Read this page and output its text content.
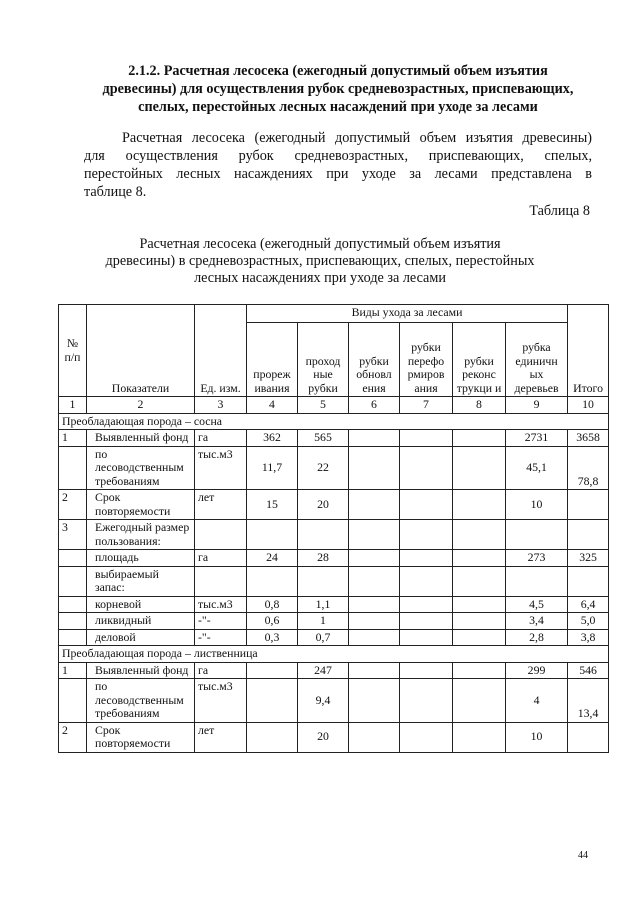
2.1.2. Расчетная лесосека (ежегодный допустимый объем изъятия
древесины) для осуществления рубок средневозрастных, приспевающих,
спелых, перестойных лесных насаждений при уходе за лесами
Расчетная лесосека (ежегодный допустимый объем изъятия древесины)
для осуществления рубок средневозрастных, приспевающих, спелых,
перестойных лесных насаждениях при уходе за лесами представлена в
таблице 8.
Таблица 8
Расчетная лесосека (ежегодный допустимый объем изъятия
древесины) в средневозрастных, приспевающих, спелых, перестойных
лесных насаждениях при уходе за лесами
№ п/п	Показатели	Ед. изм.	Виды ухода за лесами						Итого
			прореж ивания	проход ные рубки	рубки обновл ения	рубки перефо рмиров ания	рубки реконс трукци и	рубка единичн ых деревьев	
1	2	3	4	5	6	7	8	9	10
Преобладающая порода – сосна									
1	Выявленный фонд	га	362	565				2731	3658
	по лесоводственным требованиям	тыс.м3	11,7	22				45,1	78,8
2	Срок повторяемости	лет	15	20				10	
3	Ежегодный размер пользования:								
	площадь	га	24	28				273	325
	выбираемый запас:								
	корневой	тыс.м3	0,8	1,1				4,5	6,4
	ликвидный	-"-	0,6	1				3,4	5,0
	деловой	-"-	0,3	0,7				2,8	3,8
Преобладающая порода – лиственница									
1	Выявленный фонд	га		247				299	546
	по лесоводственным требованиям	тыс.м3		9,4				4	13,4
2	Срок повторяемости	лет		20				10	
44
